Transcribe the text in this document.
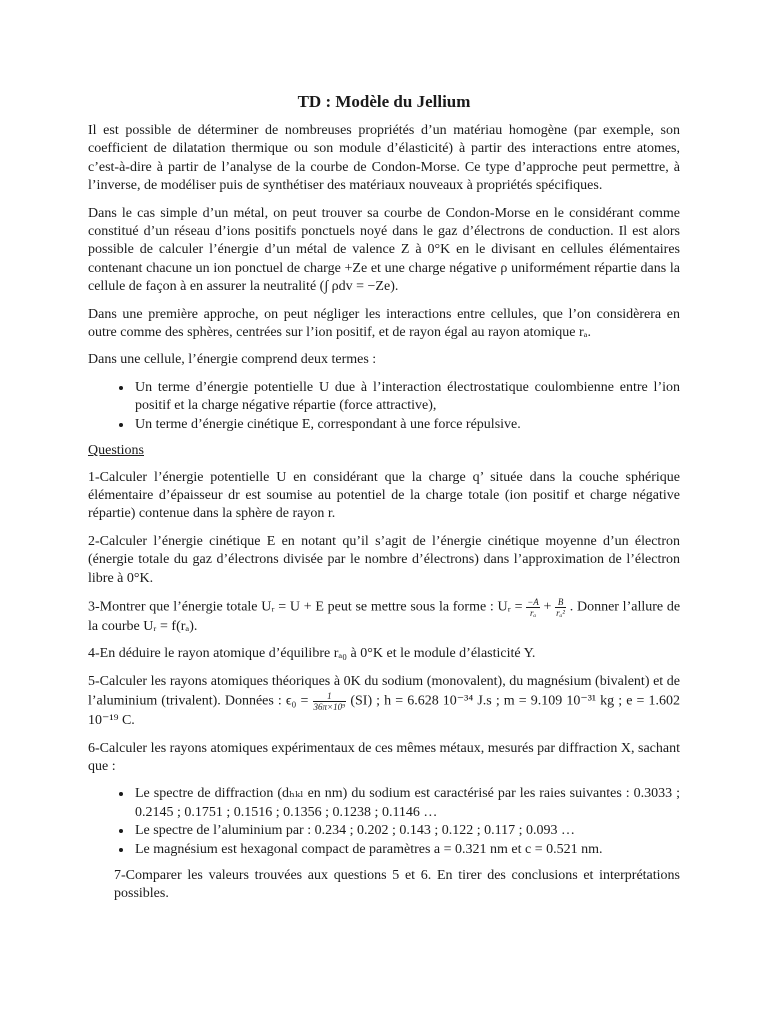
TD : Modèle du Jellium

Il est possible de déterminer de nombreuses propriétés d’un matériau homogène (par exemple, son coefficient de dilatation thermique ou son module d’élasticité) à partir des interactions entre atomes, c’est-à-dire à partir de l’analyse de la courbe de Condon-Morse. Ce type d’approche peut permettre, à l’inverse, de modéliser puis de synthétiser des matériaux nouveaux à propriétés spécifiques.

Dans le cas simple d’un métal, on peut trouver sa courbe de Condon-Morse en le considérant comme constitué d’un réseau d’ions positifs ponctuels noyé dans le gaz d’électrons de conduction. Il est alors possible de calculer l’énergie d’un métal de valence Z à 0°K en le divisant en cellules élémentaires contenant chacune un ion ponctuel de charge +Ze et une charge négative ρ uniformément répartie dans la cellule de façon à en assurer la neutralité (∫ ρdv = −Ze).

Dans une première approche, on peut négliger les interactions entre cellules, que l’on considèrera en outre comme des sphères, centrées sur l’ion positif, et de rayon égal au rayon atomique rₐ.

Dans une cellule, l’énergie comprend deux termes :

• Un terme d’énergie potentielle U due à l’interaction électrostatique coulombienne entre l’ion positif et la charge négative répartie (force attractive),
• Un terme d’énergie cinétique E, correspondant à une force répulsive.

Questions

1-Calculer l’énergie potentielle U en considérant que la charge q’ située dans la couche sphérique élémentaire d’épaisseur dr est soumise au potentiel de la charge totale (ion positif et charge négative répartie) contenue dans la sphère de rayon r.

2-Calculer l’énergie cinétique E en notant qu’il s’agit de l’énergie cinétique moyenne d’un électron (énergie totale du gaz d’électrons divisée par le nombre d’électrons) dans l’approximation de l’électron libre à 0°K.

3-Montrer que l’énergie totale Uᵣ = U + E peut se mettre sous la forme : Uᵣ = $\frac{-A}{\text{rₐ}} + \frac{B}{\text{rₐ²}}$ . Donner l’allure de la courbe Uᵣ = f(rₐ).

4-En déduire le rayon atomique d’équilibre rₐ₀ à 0°K et le module d’élasticité Y.

5-Calculer les rayons atomiques théoriques à 0K du sodium (monovalent), du magnésium (bivalent) et de l’aluminium (trivalent). Données : $\epsilon_0 = \frac{1}{\text{36π×10⁹}} (SI)$ ; h = 6.628 10⁻³⁴ J.s ; m = 9.109 10⁻³¹ kg ; e = 1.602 10⁻¹⁹ C.

6-Calculer les rayons atomiques expérimentaux de ces mêmes métaux, mesurés par diffraction X, sachant que :

• Le spectre de diffraction (dₕₖₗ en nm) du sodium est caractérisé par les raies suivantes : 0.3033 ; 0.2145 ; 0.1751 ; 0.1516 ; 0.1356 ; 0.1238 ; 0.1146 …
• Le spectre de l’aluminium par : 0.234 ; 0.202 ; 0.143 ; 0.122 ; 0.117 ; 0.093 …
• Le magnésium est hexagonal compact de paramètres a = 0.321 nm et c = 0.521 nm.

7-Comparer les valeurs trouvées aux questions 5 et 6. En tirer des conclusions et interprétations possibles.
